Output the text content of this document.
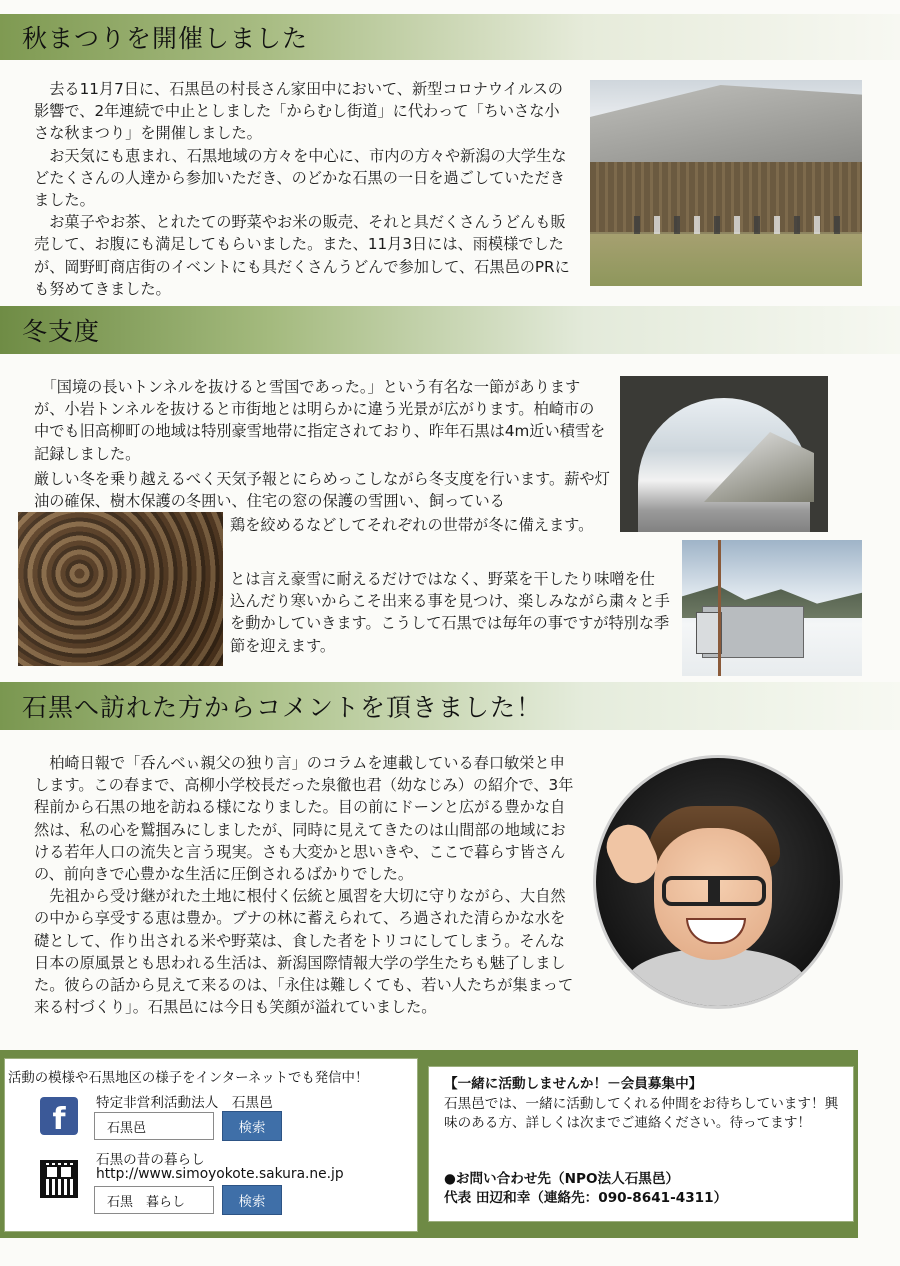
秋まつりを開催しました

　去る11月7日に、石黒邑の村長さん家田中において、新型コロナウイルスの影響で、2年連続で中止としました「からむし街道」に代わって「ちいさな小さな秋まつり」を開催しました。

　お天気にも恵まれ、石黒地域の方々を中心に、市内の方々や新潟の大学生などたくさんの人達から参加いただき、のどかな石黒の一日を過ごしていただきました。

　お菓子やお茶、とれたての野菜やお米の販売、それと具だくさんうどんも販売して、お腹にも満足してもらいました。また、11月3日には、雨模様でしたが、岡野町商店街のイベントにも具だくさんうどんで参加して、石黒邑のPRにも努めてきました。

冬支度

　「国境の長いトンネルを抜けると雪国であった。」という有名な一節がありますが、小岩トンネルを抜けると市街地とは明らかに違う光景が広がります。柏崎市の中でも旧高柳町の地域は特別豪雪地帯に指定されており、昨年石黒は4m近い積雪を記録しました。

厳しい冬を乗り越えるべく天気予報とにらめっこしながら冬支度を行います。薪や灯油の確保、樹木保護の冬囲い、住宅の窓の保護の雪囲い、飼っている

鶏を絞めるなどしてそれぞれの世帯が冬に備えます。

とは言え豪雪に耐えるだけではなく、野菜を干したり味噌を仕込んだり寒いからこそ出来る事を見つけ、楽しみながら粛々と手を動かしていきます。こうして石黒では毎年の事ですが特別な季節を迎えます。

石黒へ訪れた方からコメントを頂きました！

　柏崎日報で「呑んべぃ親父の独り言」のコラムを連載している春口敏栄と申します。この春まで、高柳小学校長だった泉徹也君（幼なじみ）の紹介で、3年程前から石黒の地を訪ねる様になりました。目の前にドーンと広がる豊かな自然は、私の心を鷲掴みにしましたが、同時に見えてきたのは山間部の地域における若年人口の流失と言う現実。さも大変かと思いきや、ここで暮らす皆さんの、前向きで心豊かな生活に圧倒されるばかりでした。

　先祖から受け継がれた土地に根付く伝統と風習を大切に守りながら、大自然の中から享受する恵は豊か。ブナの林に蓄えられて、ろ過された清らかな水を礎として、作り出される米や野菜は、食した者をトリコにしてしまう。そんな日本の原風景とも思われる生活は、新潟国際情報大学の学生たちも魅了しました。彼らの話から見えて来るのは、「永住は難しくても、若い人たちが集まって来る村づくり」。石黒邑には今日も笑顔が溢れていました。

活動の模様や石黒地区の様子をインターネットでも発信中！
f 特定非営利活動法人　石黒邑
石黒邑	検索
石黒の昔の暮らし
http://www.simoyokote.sakura.ne.jp
石黒　暮らし	検索
【一緒に活動しませんか！－会員募集中】
石黒邑では、一緒に活動してくれる仲間をお待ちしています！興味のある方、詳しくは次までご連絡ください。待ってます！
●お問い合わせ先（NPO法人石黒邑）
代表 田辺和幸（連絡先：090-8641-4311）
